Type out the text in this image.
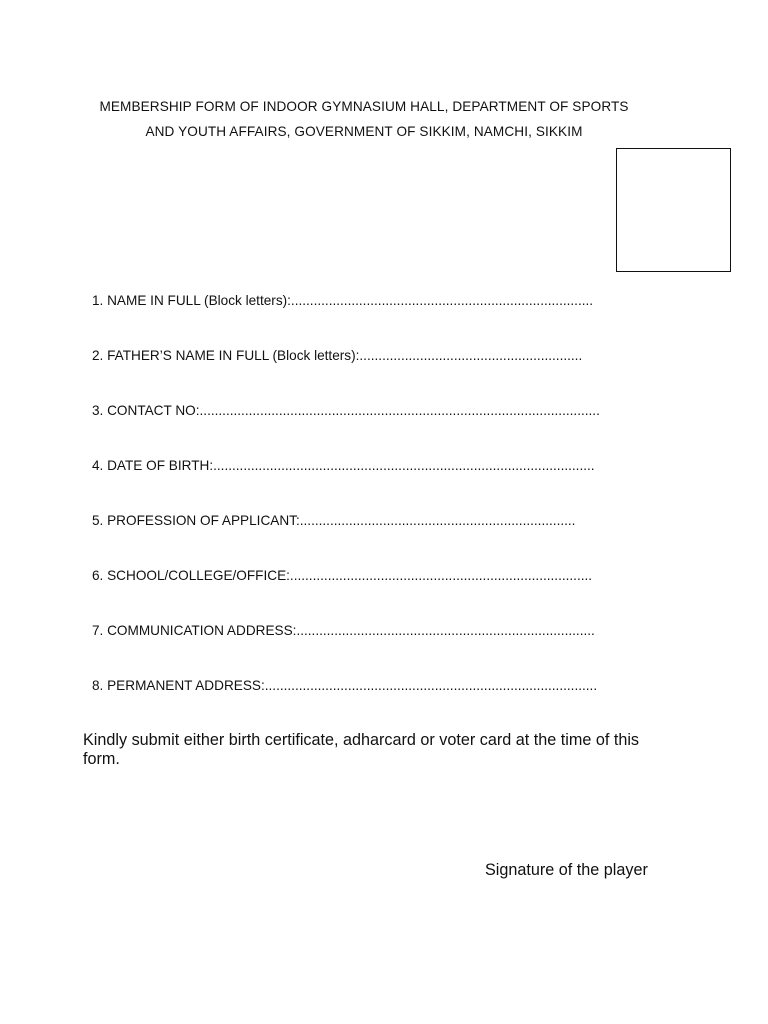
MEMBERSHIP FORM OF INDOOR GYMNASIUM HALL, DEPARTMENT OF SPORTS
AND YOUTH AFFAIRS, GOVERNMENT OF SIKKIM, NAMCHI, SIKKIM
1. NAME IN FULL (Block letters):................................................................................
2. FATHER’S NAME IN FULL (Block letters):...........................................................
3. CONTACT NO:..........................................................................................................
4. DATE OF BIRTH:.....................................................................................................
5. PROFESSION OF APPLICANT:.........................................................................
6. SCHOOL/COLLEGE/OFFICE:................................................................................
7. COMMUNICATION ADDRESS:...............................................................................
8. PERMANENT ADDRESS:........................................................................................
Kindly submit either birth certificate, adharcard or voter card at the time of this form.
Signature of the player
